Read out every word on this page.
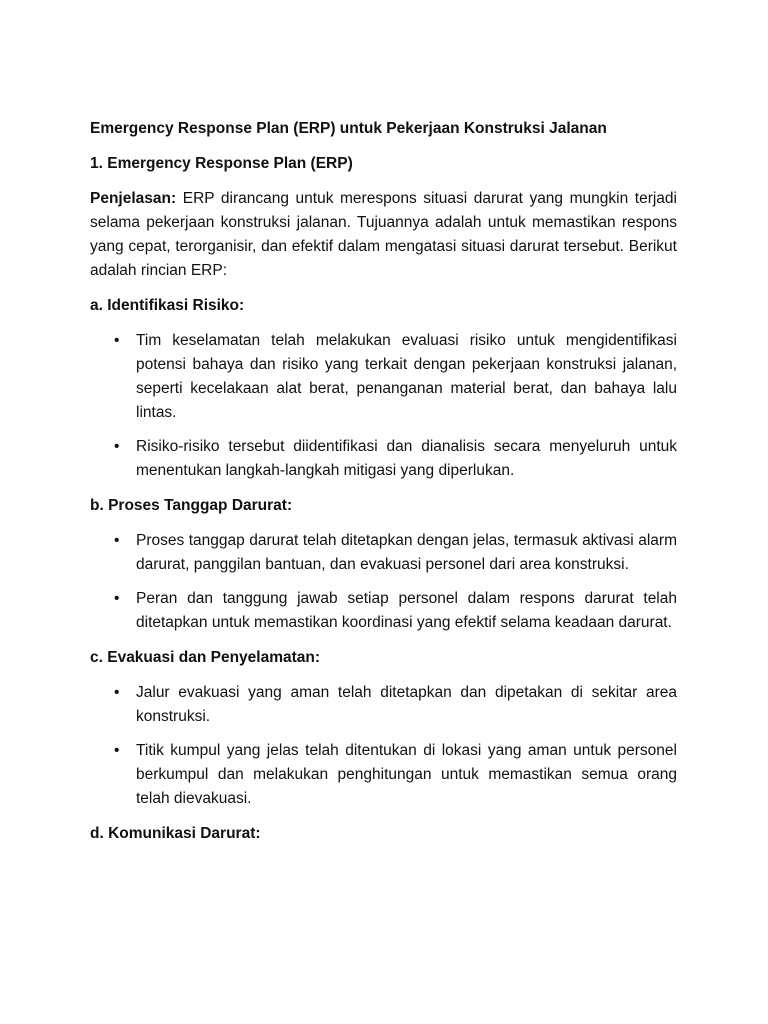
Emergency Response Plan (ERP) untuk Pekerjaan Konstruksi Jalanan

1. Emergency Response Plan (ERP)

Penjelasan: ERP dirancang untuk merespons situasi darurat yang mungkin terjadi selama pekerjaan konstruksi jalanan. Tujuannya adalah untuk memastikan respons yang cepat, terorganisir, dan efektif dalam mengatasi situasi darurat tersebut. Berikut adalah rincian ERP:

a. Identifikasi Risiko:

• Tim keselamatan telah melakukan evaluasi risiko untuk mengidentifikasi potensi bahaya dan risiko yang terkait dengan pekerjaan konstruksi jalanan, seperti kecelakaan alat berat, penanganan material berat, dan bahaya lalu lintas.
• Risiko-risiko tersebut diidentifikasi dan dianalisis secara menyeluruh untuk menentukan langkah-langkah mitigasi yang diperlukan.

b. Proses Tanggap Darurat:

• Proses tanggap darurat telah ditetapkan dengan jelas, termasuk aktivasi alarm darurat, panggilan bantuan, dan evakuasi personel dari area konstruksi.
• Peran dan tanggung jawab setiap personel dalam respons darurat telah ditetapkan untuk memastikan koordinasi yang efektif selama keadaan darurat.

c. Evakuasi dan Penyelamatan:

• Jalur evakuasi yang aman telah ditetapkan dan dipetakan di sekitar area konstruksi.
• Titik kumpul yang jelas telah ditentukan di lokasi yang aman untuk personel berkumpul dan melakukan penghitungan untuk memastikan semua orang telah dievakuasi.

d. Komunikasi Darurat:
